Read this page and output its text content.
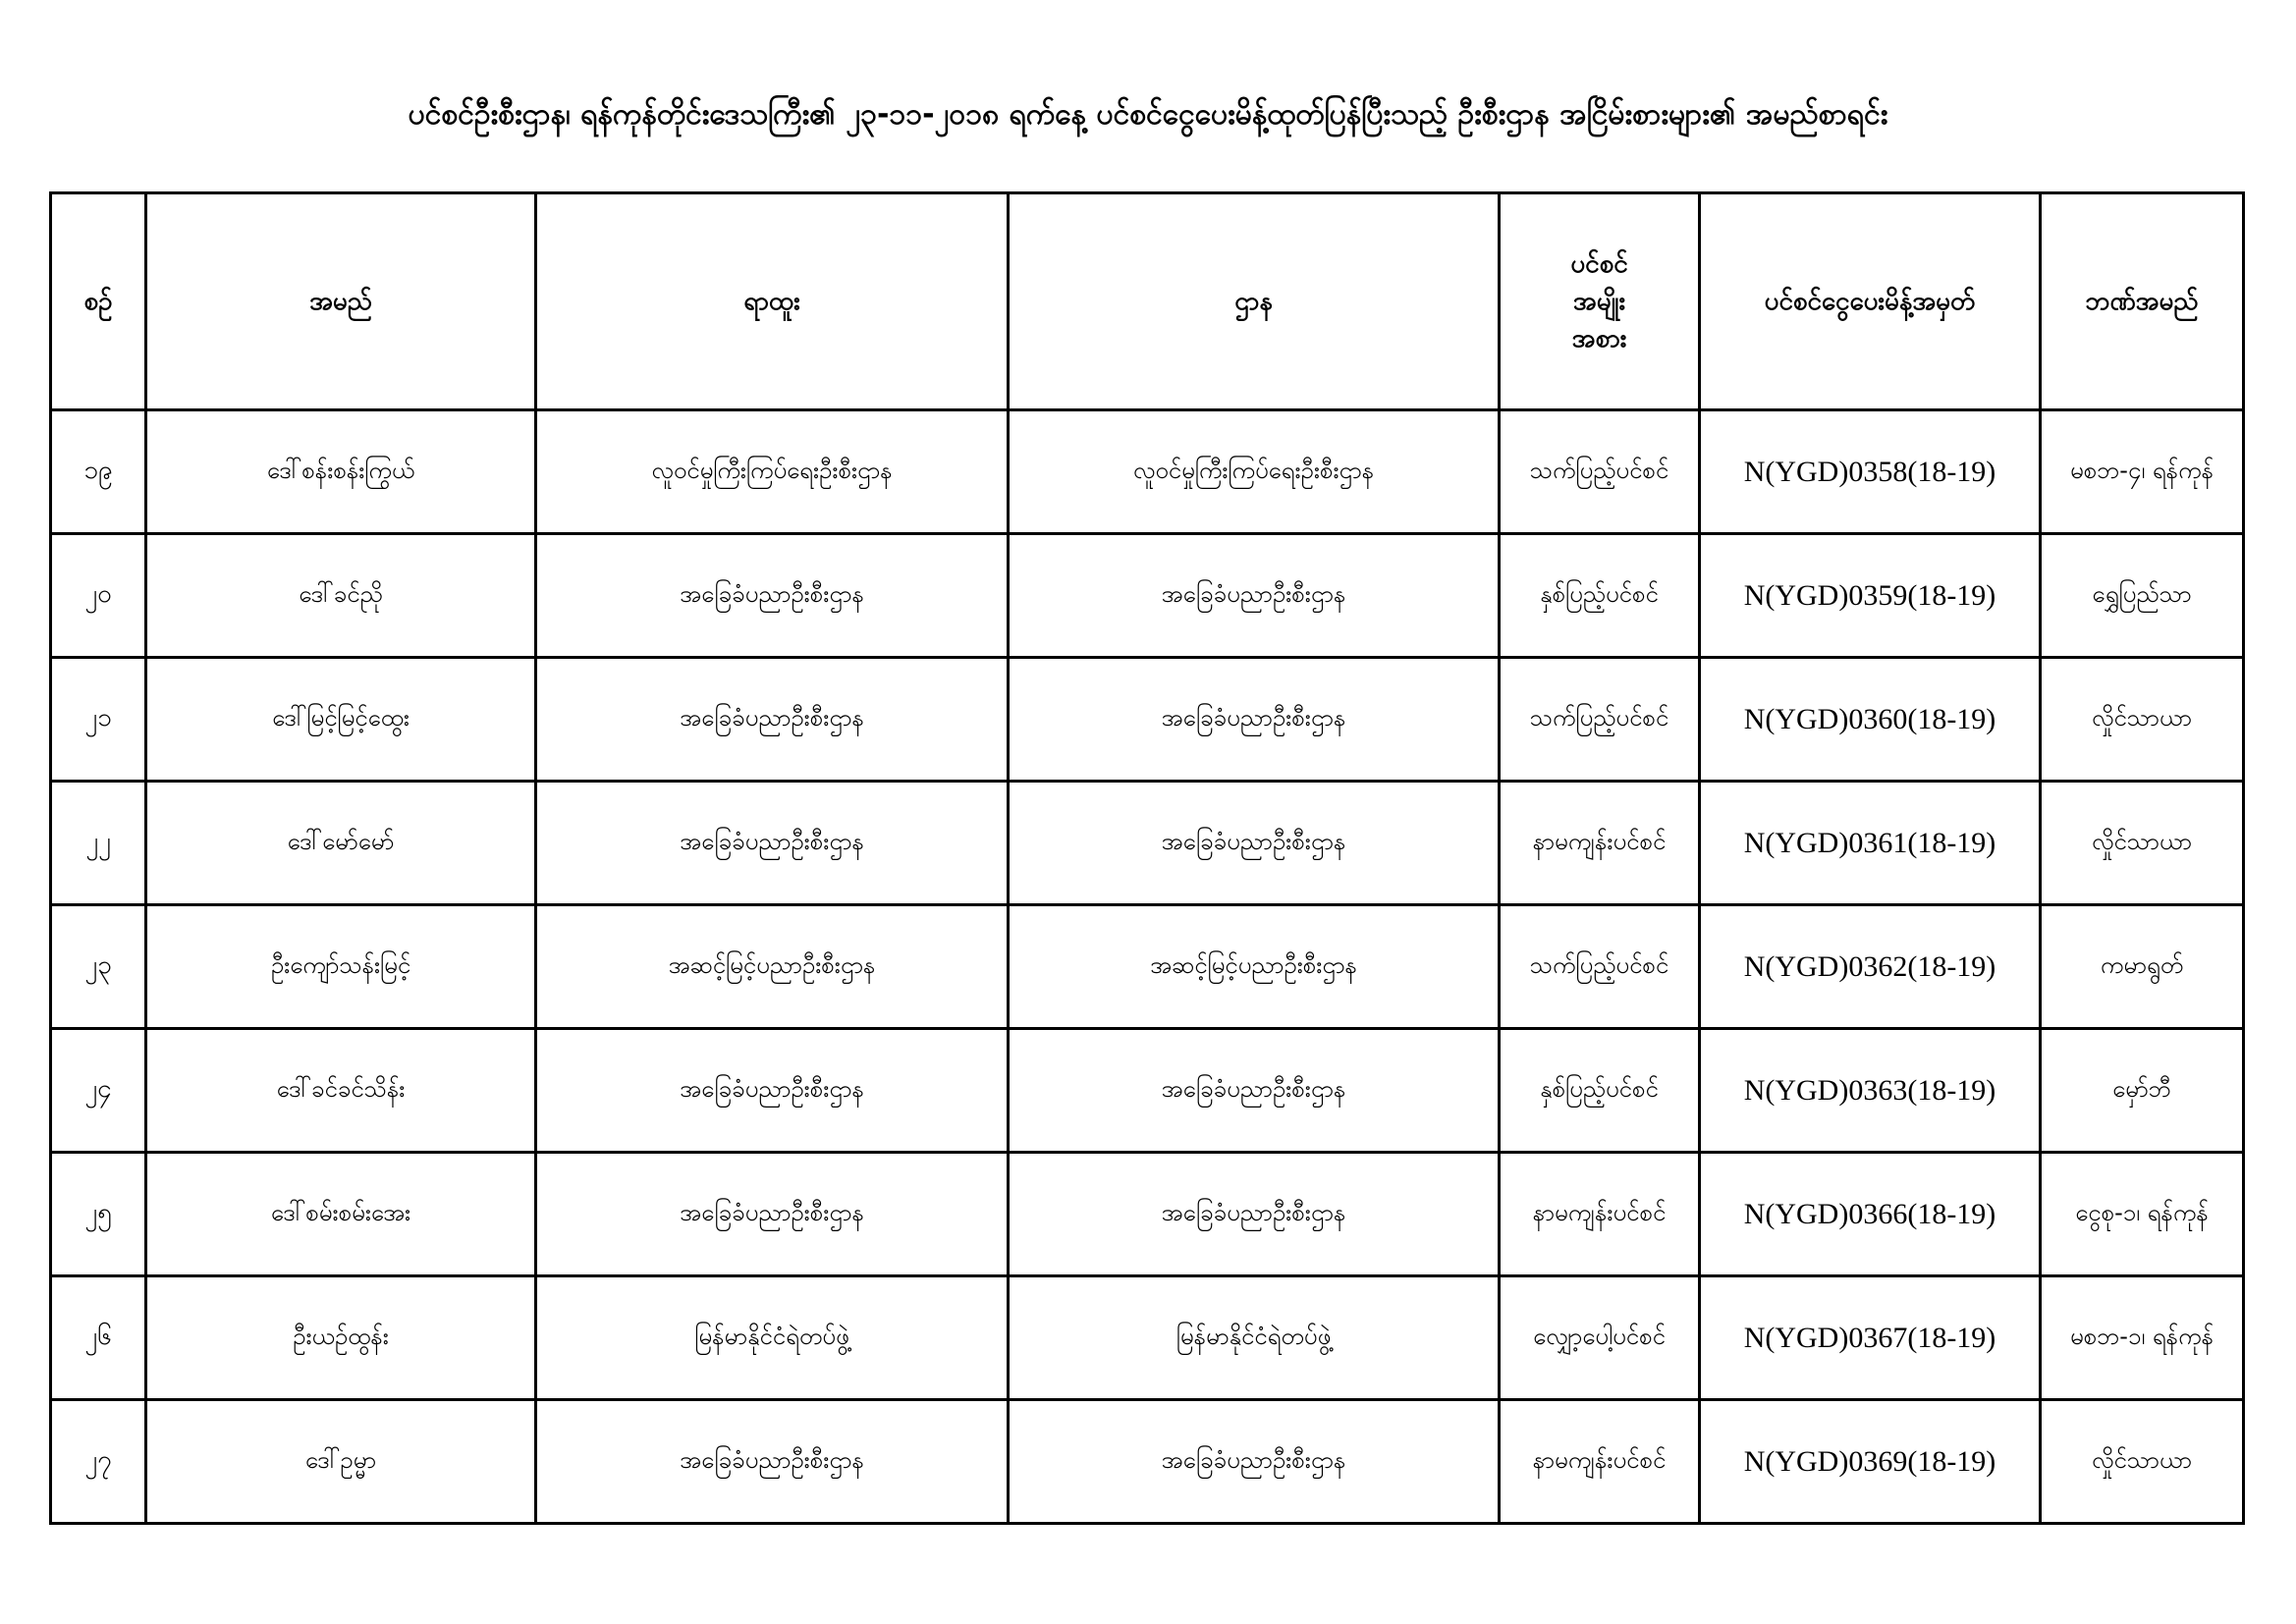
ပင်စင်ဦးစီးဌာန၊ ရန်ကုန်တိုင်းဒေသကြီး၏ ၂၃-၁၁-၂၀၁၈ ရက်နေ့ ပင်စင်ငွေပေးမိန့်ထုတ်ပြန်ပြီးသည့် ဦးစီးဌာန အငြိမ်းစားများ၏ အမည်စာရင်း
စဉ်	အမည်	ရာထူး	ဌာန	ပင်စင်
အမျိုး
အစား	ပင်စင်ငွေပေးမိန့်အမှတ်	ဘဏ်အမည်
၁၉	ဒေါ်စန်းစန်းကြွယ်	လူဝင်မှုကြီးကြပ်ရေးဦးစီးဌာန	လူဝင်မှုကြီးကြပ်ရေးဦးစီးဌာန	သက်ပြည့်ပင်စင်	N(YGD)0358(18-19)	မစဘ-၄၊ ရန်ကုန်
၂၀	ဒေါ်ခင်ညို	အခြေခံပညာဦးစီးဌာန	အခြေခံပညာဦးစီးဌာန	နှစ်ပြည့်ပင်စင်	N(YGD)0359(18-19)	ရွှေပြည်သာ
၂၁	ဒေါ်မြင့်မြင့်ထွေး	အခြေခံပညာဦးစီးဌာန	အခြေခံပညာဦးစီးဌာန	သက်ပြည့်ပင်စင်	N(YGD)0360(18-19)	လှိုင်သာယာ
၂၂	ဒေါ်မော်မော်	အခြေခံပညာဦးစီးဌာန	အခြေခံပညာဦးစီးဌာန	နာမကျန်းပင်စင်	N(YGD)0361(18-19)	လှိုင်သာယာ
၂၃	ဦးကျော်သန်းမြင့်	အဆင့်မြင့်ပညာဦးစီးဌာန	အဆင့်မြင့်ပညာဦးစီးဌာန	သက်ပြည့်ပင်စင်	N(YGD)0362(18-19)	ကမာရွတ်
၂၄	ဒေါ်ခင်ခင်သိန်း	အခြေခံပညာဦးစီးဌာန	အခြေခံပညာဦးစီးဌာန	နှစ်ပြည့်ပင်စင်	N(YGD)0363(18-19)	မှော်ဘီ
၂၅	ဒေါ်စမ်းစမ်းအေး	အခြေခံပညာဦးစီးဌာန	အခြေခံပညာဦးစီးဌာန	နာမကျန်းပင်စင်	N(YGD)0366(18-19)	ငွေစု-၁၊ ရန်ကုန်
၂၆	ဦးယဉ်ထွန်း	မြန်မာနိုင်ငံရဲတပ်ဖွဲ့	မြန်မာနိုင်ငံရဲတပ်ဖွဲ့	လျှော့ပေါ့ပင်စင်	N(YGD)0367(18-19)	မစဘ-၁၊ ရန်ကုန်
၂၇	ဒေါ်ဥမ္မာ	အခြေခံပညာဦးစီးဌာန	အခြေခံပညာဦးစီးဌာန	နာမကျန်းပင်စင်	N(YGD)0369(18-19)	လှိုင်သာယာ
